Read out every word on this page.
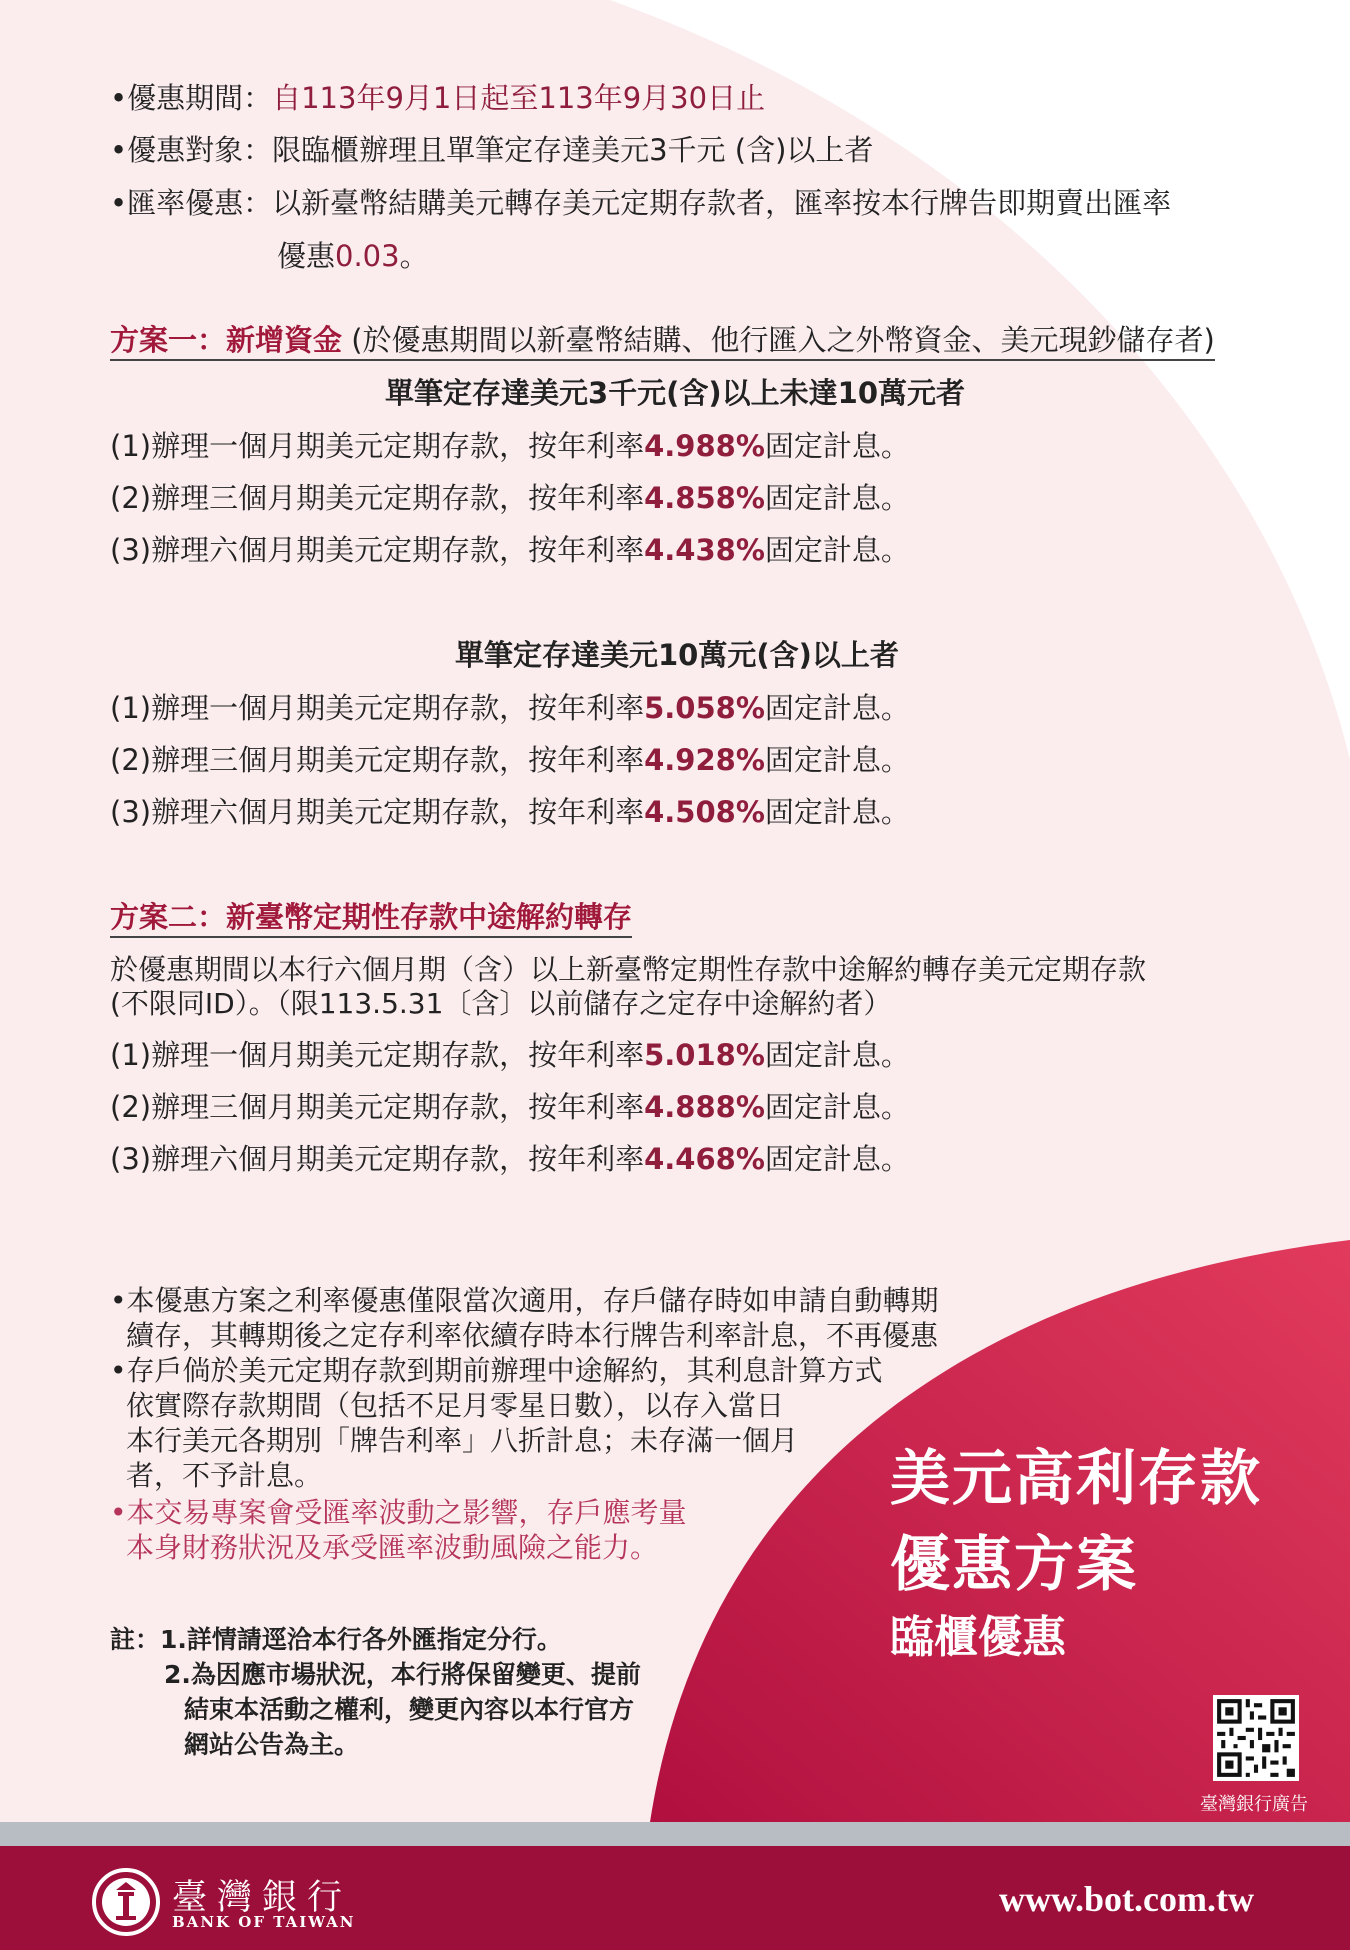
•優惠期間：自113年9月1日起至113年9月30日止
•優惠對象：限臨櫃辦理且單筆定存達美元3千元 (含)以上者
•匯率優惠：以新臺幣結購美元轉存美元定期存款者，匯率按本行牌告即期賣出匯率
優惠0.03。
方案一：新增資金 (於優惠期間以新臺幣結購、他行匯入之外幣資金、美元現鈔儲存者)
單筆定存達美元3千元(含)以上未達10萬元者
(1)辦理一個月期美元定期存款，按年利率4.988%固定計息。
(2)辦理三個月期美元定期存款，按年利率4.858%固定計息。
(3)辦理六個月期美元定期存款，按年利率4.438%固定計息。
單筆定存達美元10萬元(含)以上者
(1)辦理一個月期美元定期存款，按年利率5.058%固定計息。
(2)辦理三個月期美元定期存款，按年利率4.928%固定計息。
(3)辦理六個月期美元定期存款，按年利率4.508%固定計息。
方案二：新臺幣定期性存款中途解約轉存
於優惠期間以本行六個月期（含）以上新臺幣定期性存款中途解約轉存美元定期存款
(不限同ID）。（限113.5.31〔含〕以前儲存之定存中途解約者）
(1)辦理一個月期美元定期存款，按年利率5.018%固定計息。
(2)辦理三個月期美元定期存款，按年利率4.888%固定計息。
(3)辦理六個月期美元定期存款，按年利率4.468%固定計息。
•本優惠方案之利率優惠僅限當次適用，存戶儲存時如申請自動轉期
續存，其轉期後之定存利率依續存時本行牌告利率計息，不再優惠
•存戶倘於美元定期存款到期前辦理中途解約，其利息計算方式
依實際存款期間（包括不足月零星日數），以存入當日
本行美元各期別「牌告利率」八折計息；未存滿一個月
者，不予計息。
•本交易專案會受匯率波動之影響，存戶應考量
本身財務狀況及承受匯率波動風險之能力。
註：1.詳情請逕洽本行各外匯指定分行。
2.為因應市場狀況，本行將保留變更、提前
結束本活動之權利，變更內容以本行官方
網站公告為主。
美元高利存款
優惠方案
臨櫃優惠
臺灣銀行廣告
臺灣銀行
BANK OF TAIWAN
www.bot.com.tw
